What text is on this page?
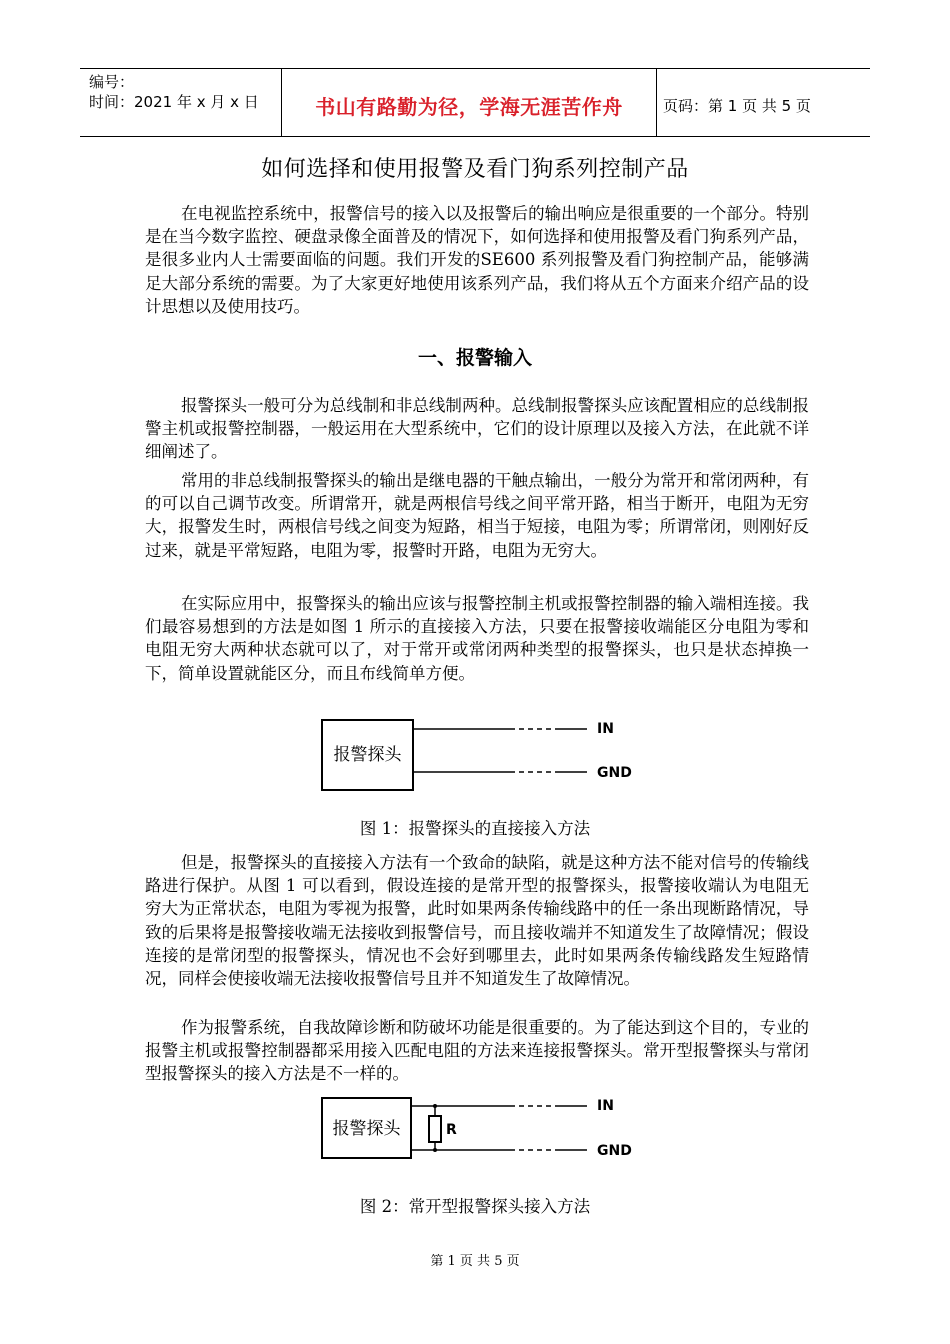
编号：
时间：2021 年 x 月 x 日	书山有路勤为径，学海无涯苦作舟	页码：第 1 页 共 5 页
如何选择和使用报警及看门狗系列控制产品

在电视监控系统中，报警信号的接入以及报警后的输出响应是很重要的一个部分。特别是在当今数字监控、硬盘录像全面普及的情况下，如何选择和使用报警及看门狗系列产品，是很多业内人士需要面临的问题。我们开发的SE600 系列报警及看门狗控制产品，能够满足大部分系统的需要。为了大家更好地使用该系列产品，我们将从五个方面来介绍产品的设计思想以及使用技巧。

一、报警输入

报警探头一般可分为总线制和非总线制两种。总线制报警探头应该配置相应的总线制报警主机或报警控制器，一般运用在大型系统中，它们的设计原理以及接入方法，在此就不详细阐述了。

常用的非总线制报警探头的输出是继电器的干触点输出，一般分为常开和常闭两种，有的可以自己调节改变。所谓常开，就是两根信号线之间平常开路，相当于断开，电阻为无穷大，报警发生时，两根信号线之间变为短路，相当于短接，电阻为零；所谓常闭，则刚好反过来，就是平常短路，电阻为零，报警时开路，电阻为无穷大。

在实际应用中，报警探头的输出应该与报警控制主机或报警控制器的输入端相连接。我们最容易想到的方法是如图 1 所示的直接接入方法，只要在报警接收端能区分电阻为零和电阻无穷大两种状态就可以了，对于常开或常闭两种类型的报警探头，也只是状态掉换一下，简单设置就能区分，而且布线简单方便。

报警探头
IN
GND
图 1：报警探头的直接接入方法

但是，报警探头的直接接入方法有一个致命的缺陷，就是这种方法不能对信号的传输线路进行保护。从图 1 可以看到，假设连接的是常开型的报警探头，报警接收端认为电阻无穷大为正常状态，电阻为零视为报警，此时如果两条传输线路中的任一条出现断路情况，导致的后果将是报警接收端无法接收到报警信号，而且接收端并不知道发生了故障情况；假设连接的是常闭型的报警探头，情况也不会好到哪里去，此时如果两条传输线路发生短路情况，同样会使接收端无法接收报警信号且并不知道发生了故障情况。

作为报警系统，自我故障诊断和防破坏功能是很重要的。为了能达到这个目的，专业的报警主机或报警控制器都采用接入匹配电阻的方法来连接报警探头。常开型报警探头与常闭型报警探头的接入方法是不一样的。

报警探头
IN
GND
R
图 2：常开型报警探头接入方法
第 1 页 共 5 页
